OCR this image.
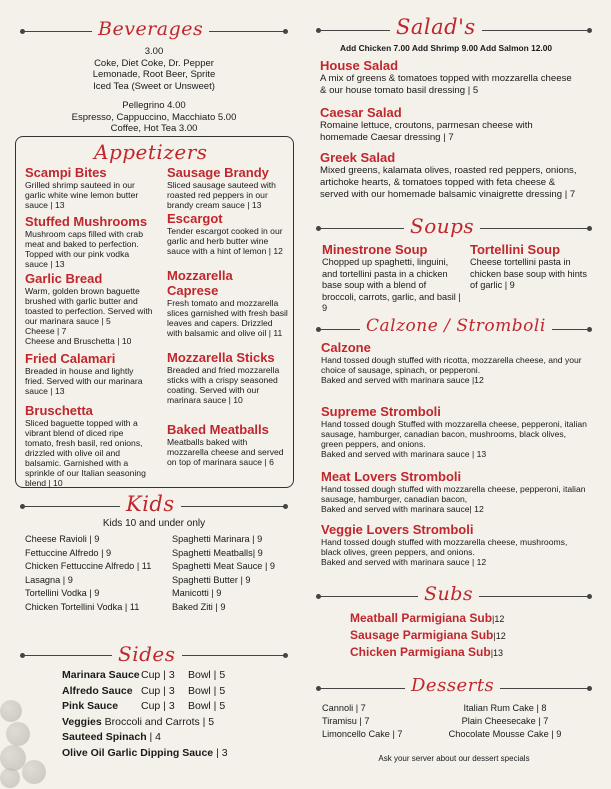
Beverages
3.00
Coke, Diet Coke, Dr. Pepper
Lemonade, Root Beer, Sprite
Iced Tea (Sweet or Unsweet)
Pellegrino 4.00
Espresso, Cappuccino, Macchiato 5.00
Coffee, Hot Tea 3.00
Appetizers
Scampi Bites
Grilled shrimp sauteed in our garlic white wine lemon butter sauce | 13
Stuffed Mushrooms
Mushroom caps filled with crab meat and baked to perfection. Topped with our pink vodka sauce | 13
Garlic Bread
Warm, golden brown baguette brushed with garlic butter and toasted to perfection. Served with our marinara sauce | 5
Cheese | 7
Cheese and Bruschetta | 10
Fried Calamari
Breaded in house and lightly fried. Served with our marinara sauce | 13
Bruschetta
Sliced baguette topped with a vibrant blend of diced ripe tomato, fresh basil, red onions, drizzled with olive oil and balsamic. Garnished with a sprinkle of our Italian seasoning blend | 10
Sausage Brandy
Sliced sausage sauteed with roasted red peppers in our brandy cream sauce | 13
Escargot
Tender escargot cooked in our garlic and herb butter wine sauce with a hint of lemon | 12
Mozzarella Caprese
Fresh tomato and mozzarella slices garnished with fresh basil leaves and capers. Drizzled with balsamic and olive oil | 11
Mozzarella Sticks
Breaded and fried mozzarella sticks with a crispy seasoned coating. Served with our marinara sauce | 10
Baked Meatballs
Meatballs baked with mozzarella cheese and served on top of marinara sauce | 6
Kids
Kids 10 and under only
Cheese Ravioli | 9
Fettuccine Alfredo | 9
Chicken Fettuccine Alfredo | 11
Lasagna | 9
Tortellini Vodka | 9
Chicken Tortellini Vodka | 11
Spaghetti Marinara | 9
Spaghetti Meatballs| 9
Spaghetti Meat Sauce | 9
Spaghetti Butter | 9
Manicotti | 9
Baked Ziti | 9
Sides
Marinara Sauce Cup | 3 Bowl | 5
Alfredo Sauce Cup | 3 Bowl | 5
Pink Sauce Cup | 3 Bowl | 5
Veggies Broccoli and Carrots | 5
Sauteed Spinach | 4
Olive Oil Garlic Dipping Sauce | 3
Salad's
Add Chicken 7.00 Add Shrimp 9.00 Add Salmon 12.00
House Salad
A mix of greens & tomatoes topped with mozzarella cheese & our house tomato basil dressing | 5
Caesar Salad
Romaine lettuce, croutons, parmesan cheese with homemade Caesar dressing | 7
Greek Salad
Mixed greens, kalamata olives, roasted red peppers, onions, artichoke hearts, & tomatoes topped with feta cheese & served with our homemade balsamic vinaigrette dressing | 7
Soups
Minestrone Soup
Chopped up spaghetti, linguini, and tortellini pasta in a chicken base soup with a blend of broccoli, carrots, garlic, and basil | 9
Tortellini Soup
Cheese tortellini pasta in chicken base soup with hints of garlic | 9
Calzone / Stromboli
Calzone
Hand tossed dough stuffed with ricotta, mozzarella cheese, and your choice of sausage, spinach, or pepperoni.
Baked and served with marinara sauce |12
Supreme Stromboli
Hand tossed dough Stuffed with mozzarella cheese, pepperoni, italian sausage, hamburger, canadian bacon, mushrooms, black olives, green peppers, and onions.
Baked and served with marinara sauce | 13
Meat Lovers Stromboli
Hand tossed dough stuffed with mozzarella cheese, pepperoni, italian sausage, hamburger, canadian bacon,
Baked and served with marinara sauce| 12
Veggie Lovers Stromboli
Hand tossed dough stuffed with mozzarella cheese, mushrooms, black olives, green peppers, and onions.
Baked and served with marinara sauce | 12
Subs
Meatball Parmigiana Sub|12
Sausage Parmigiana Sub|12
Chicken Parmigiana Sub|13
Desserts
Cannoli | 7
Tiramisu | 7
Limoncello Cake | 7
Italian Rum Cake | 8
Plain Cheesecake | 7
Chocolate Mousse Cake | 9
Ask your server about our dessert specials
